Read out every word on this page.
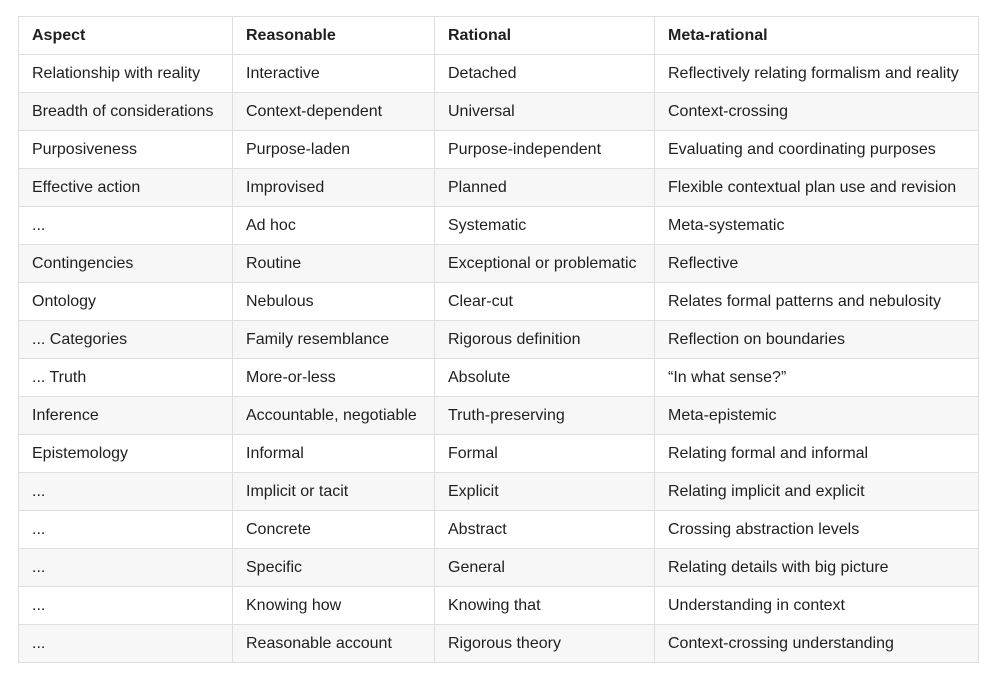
Aspect	Reasonable	Rational	Meta-rational
Relationship with reality	Interactive	Detached	Reflectively relating formalism and reality
Breadth of considerations	Context-dependent	Universal	Context-crossing
Purposiveness	Purpose-laden	Purpose-independent	Evaluating and coordinating purposes
Effective action	Improvised	Planned	Flexible contextual plan use and revision
...	Ad hoc	Systematic	Meta-systematic
Contingencies	Routine	Exceptional or problematic	Reflective
Ontology	Nebulous	Clear-cut	Relates formal patterns and nebulosity
... Categories	Family resemblance	Rigorous definition	Reflection on boundaries
... Truth	More-or-less	Absolute	“In what sense?”
Inference	Accountable, negotiable	Truth-preserving	Meta-epistemic
Epistemology	Informal	Formal	Relating formal and informal
...	Implicit or tacit	Explicit	Relating implicit and explicit
...	Concrete	Abstract	Crossing abstraction levels
...	Specific	General	Relating details with big picture
...	Knowing how	Knowing that	Understanding in context
...	Reasonable account	Rigorous theory	Context-crossing understanding
